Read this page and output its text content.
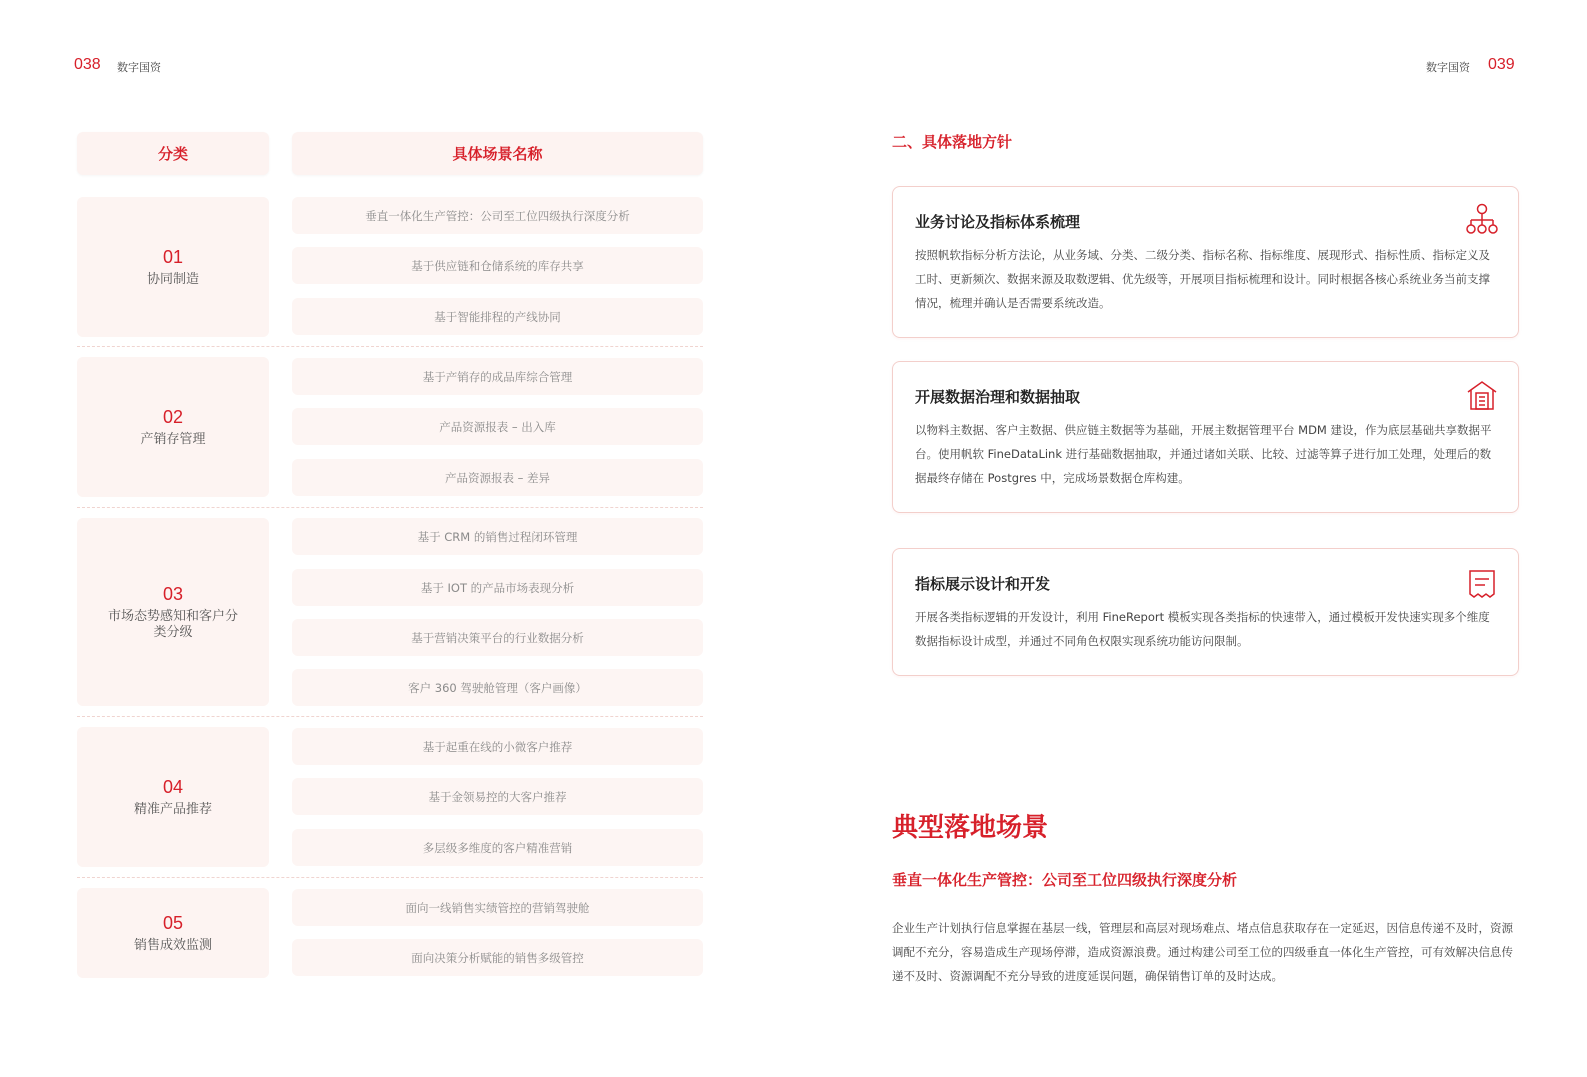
038 数字国资	数字国资 039
分类	具体场景名称
01
协同制造
垂直一体化生产管控：公司至工位四级执行深度分析
基于供应链和仓储系统的库存共享
基于智能排程的产线协同
02
产销存管理
基于产销存的成品库综合管理
产品资源报表 – 出入库
产品资源报表 – 差异
03
市场态势感知和客户分类分级
基于 CRM 的销售过程闭环管理
基于 IOT 的产品市场表现分析
基于营销决策平台的行业数据分析
客户 360 驾驶舱管理（客户画像）
04
精准产品推荐
基于起重在线的小微客户推荐
基于金领易控的大客户推荐
多层级多维度的客户精准营销
05
销售成效监测
面向一线销售实绩管控的营销驾驶舱
面向决策分析赋能的销售多级管控
二、具体落地方针
业务讨论及指标体系梳理
按照帆软指标分析方法论，从业务域、分类、二级分类、指标名称、指标维度、展现形式、指标性质、指标定义及工时、更新频次、数据来源及取数逻辑、优先级等，开展项目指标梳理和设计。同时根据各核心系统业务当前支撑情况，梳理并确认是否需要系统改造。
开展数据治理和数据抽取
以物料主数据、客户主数据、供应链主数据等为基础，开展主数据管理平台 MDM 建设，作为底层基础共享数据平台。使用帆软 FineDataLink 进行基础数据抽取，并通过诸如关联、比较、过滤等算子进行加工处理，处理后的数据最终存储在 Postgres 中，完成场景数据仓库构建。
指标展示设计和开发
开展各类指标逻辑的开发设计，利用 FineReport 模板实现各类指标的快速带入，通过模板开发快速实现多个维度数据指标设计成型，并通过不同角色权限实现系统功能访问限制。
典型落地场景
垂直一体化生产管控：公司至工位四级执行深度分析
企业生产计划执行信息掌握在基层一线，管理层和高层对现场难点、堵点信息获取存在一定延迟，因信息传递不及时，资源调配不充分，容易造成生产现场停滞，造成资源浪费。通过构建公司至工位的四级垂直一体化生产管控，可有效解决信息传递不及时、资源调配不充分导致的进度延误问题，确保销售订单的及时达成。
